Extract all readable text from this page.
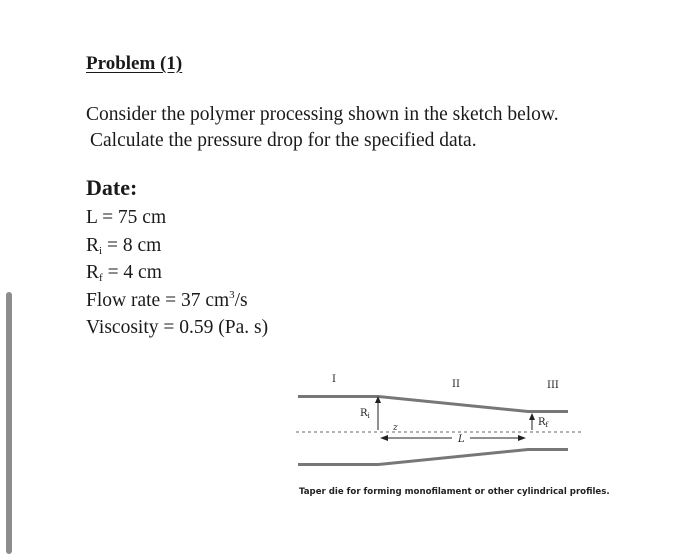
Problem (1)
Consider the polymer processing shown in the sketch below.
Calculate the pressure drop for the specified data.
Date:
L = 75 cm
$R_i = 8$ cm
$R_f = 4$ cm
Flow rate = 37 $cm^3/s$
Viscosity = 0.59 (Pa. s)
I	II	III
$R_i$
$R_f$
z
L
Taper die for forming monofilament or other cylindrical profiles.
